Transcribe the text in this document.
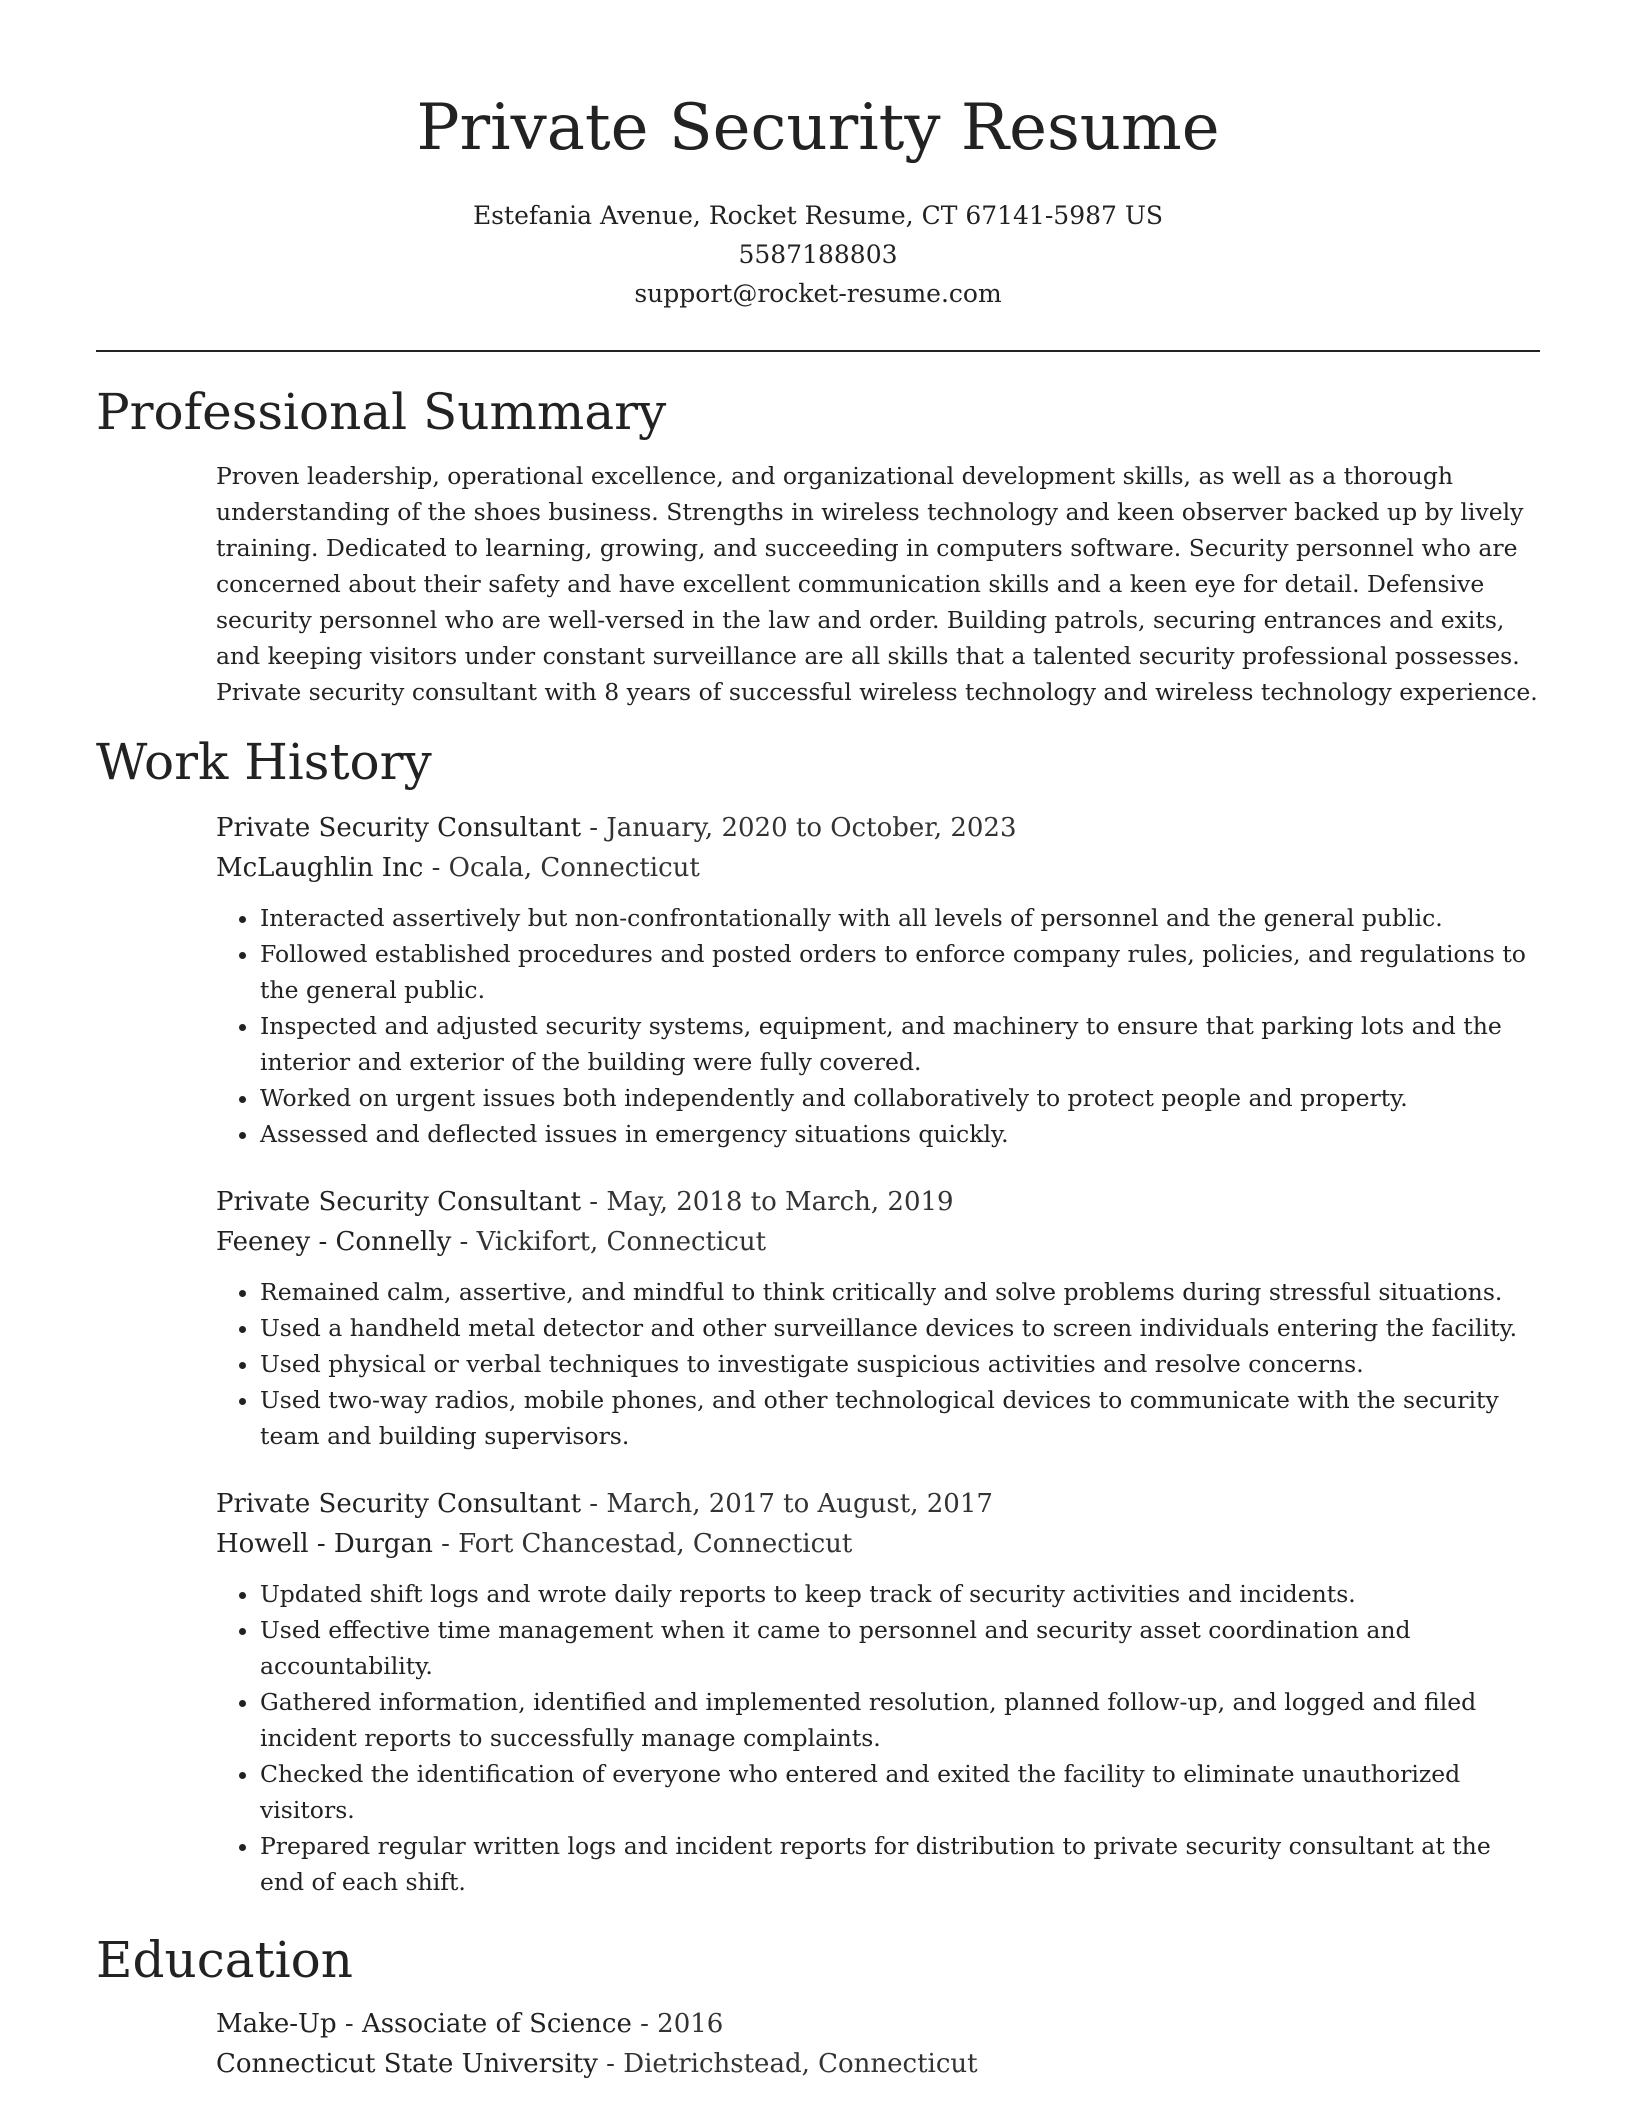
Private Security Resume
Estefania Avenue, Rocket Resume, CT 67141-5987 US
5587188803
support@rocket-resume.com
Professional Summary
Proven leadership, operational excellence, and organizational development skills, as well as a thorough understanding of the shoes business. Strengths in wireless technology and keen observer backed up by lively training. Dedicated to learning, growing, and succeeding in computers software. Security personnel who are concerned about their safety and have excellent communication skills and a keen eye for detail. Defensive security personnel who are well-versed in the law and order. Building patrols, securing entrances and exits, and keeping visitors under constant surveillance are all skills that a talented security professional possesses. Private security consultant with 8 years of successful wireless technology and wireless technology experience.
Work History
Private Security Consultant - January, 2020 to October, 2023
McLaughlin Inc - Ocala, Connecticut
• Interacted assertively but non-confrontationally with all levels of personnel and the general public.
• Followed established procedures and posted orders to enforce company rules, policies, and regulations to the general public.
• Inspected and adjusted security systems, equipment, and machinery to ensure that parking lots and the interior and exterior of the building were fully covered.
• Worked on urgent issues both independently and collaboratively to protect people and property.
• Assessed and deflected issues in emergency situations quickly.
Private Security Consultant - May, 2018 to March, 2019
Feeney - Connelly - Vickifort, Connecticut
• Remained calm, assertive, and mindful to think critically and solve problems during stressful situations.
• Used a handheld metal detector and other surveillance devices to screen individuals entering the facility.
• Used physical or verbal techniques to investigate suspicious activities and resolve concerns.
• Used two-way radios, mobile phones, and other technological devices to communicate with the security team and building supervisors.
Private Security Consultant - March, 2017 to August, 2017
Howell - Durgan - Fort Chancestad, Connecticut
• Updated shift logs and wrote daily reports to keep track of security activities and incidents.
• Used effective time management when it came to personnel and security asset coordination and accountability.
• Gathered information, identified and implemented resolution, planned follow-up, and logged and filed incident reports to successfully manage complaints.
• Checked the identification of everyone who entered and exited the facility to eliminate unauthorized visitors.
• Prepared regular written logs and incident reports for distribution to private security consultant at the end of each shift.
Education
Make-Up - Associate of Science - 2016
Connecticut State University - Dietrichstead, Connecticut
